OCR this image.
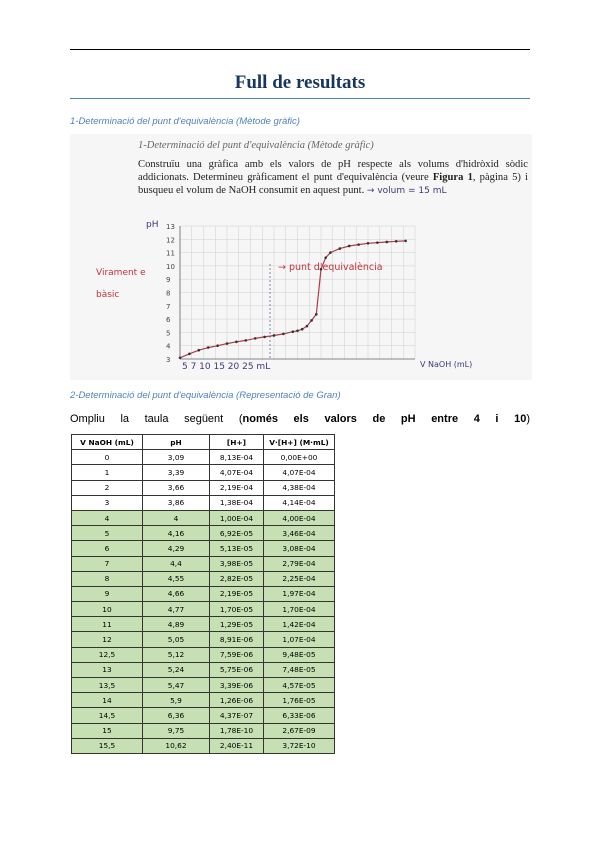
Full de resultats
1-Determinació del punt d'equivalència (Mètode gràfic)
1-Determinació del punt d'equivalència (Mètode gràfic)
Construïu una gràfica amb els valors de pH respecte als volums d'hidròxid sòdic addicionats. Determineu gràficament el punt d'equivalència (veure Figura 1, pàgina 5) i busqueu el volum de NaOH consumit en aquest punt. → volum = 15 mL
13
12
11
10
9
8
7
6
5
4
3
pH
→ punt d'equivalència
Virament e
bàsic
5 7 10 15 20 25 mL	V NaOH (mL)
2-Determinació del punt d'equivalència (Representació de Gran)
Ompliu la taula següent (només els valors de pH entre 4 i 10)
V NaOH (mL)	pH	[H+]	V·[H+] (M·mL)
0	3,09	8,13E-04	0,00E+00
1	3,39	4,07E-04	4,07E-04
2	3,66	2,19E-04	4,38E-04
3	3,86	1,38E-04	4,14E-04
4	4	1,00E-04	4,00E-04
5	4,16	6,92E-05	3,46E-04
6	4,29	5,13E-05	3,08E-04
7	4,4	3,98E-05	2,79E-04
8	4,55	2,82E-05	2,25E-04
9	4,66	2,19E-05	1,97E-04
10	4,77	1,70E-05	1,70E-04
11	4,89	1,29E-05	1,42E-04
12	5,05	8,91E-06	1,07E-04
12,5	5,12	7,59E-06	9,48E-05
13	5,24	5,75E-06	7,48E-05
13,5	5,47	3,39E-06	4,57E-05
14	5,9	1,26E-06	1,76E-05
14,5	6,36	4,37E-07	6,33E-06
15	9,75	1,78E-10	2,67E-09
15,5	10,62	2,40E-11	3,72E-10
